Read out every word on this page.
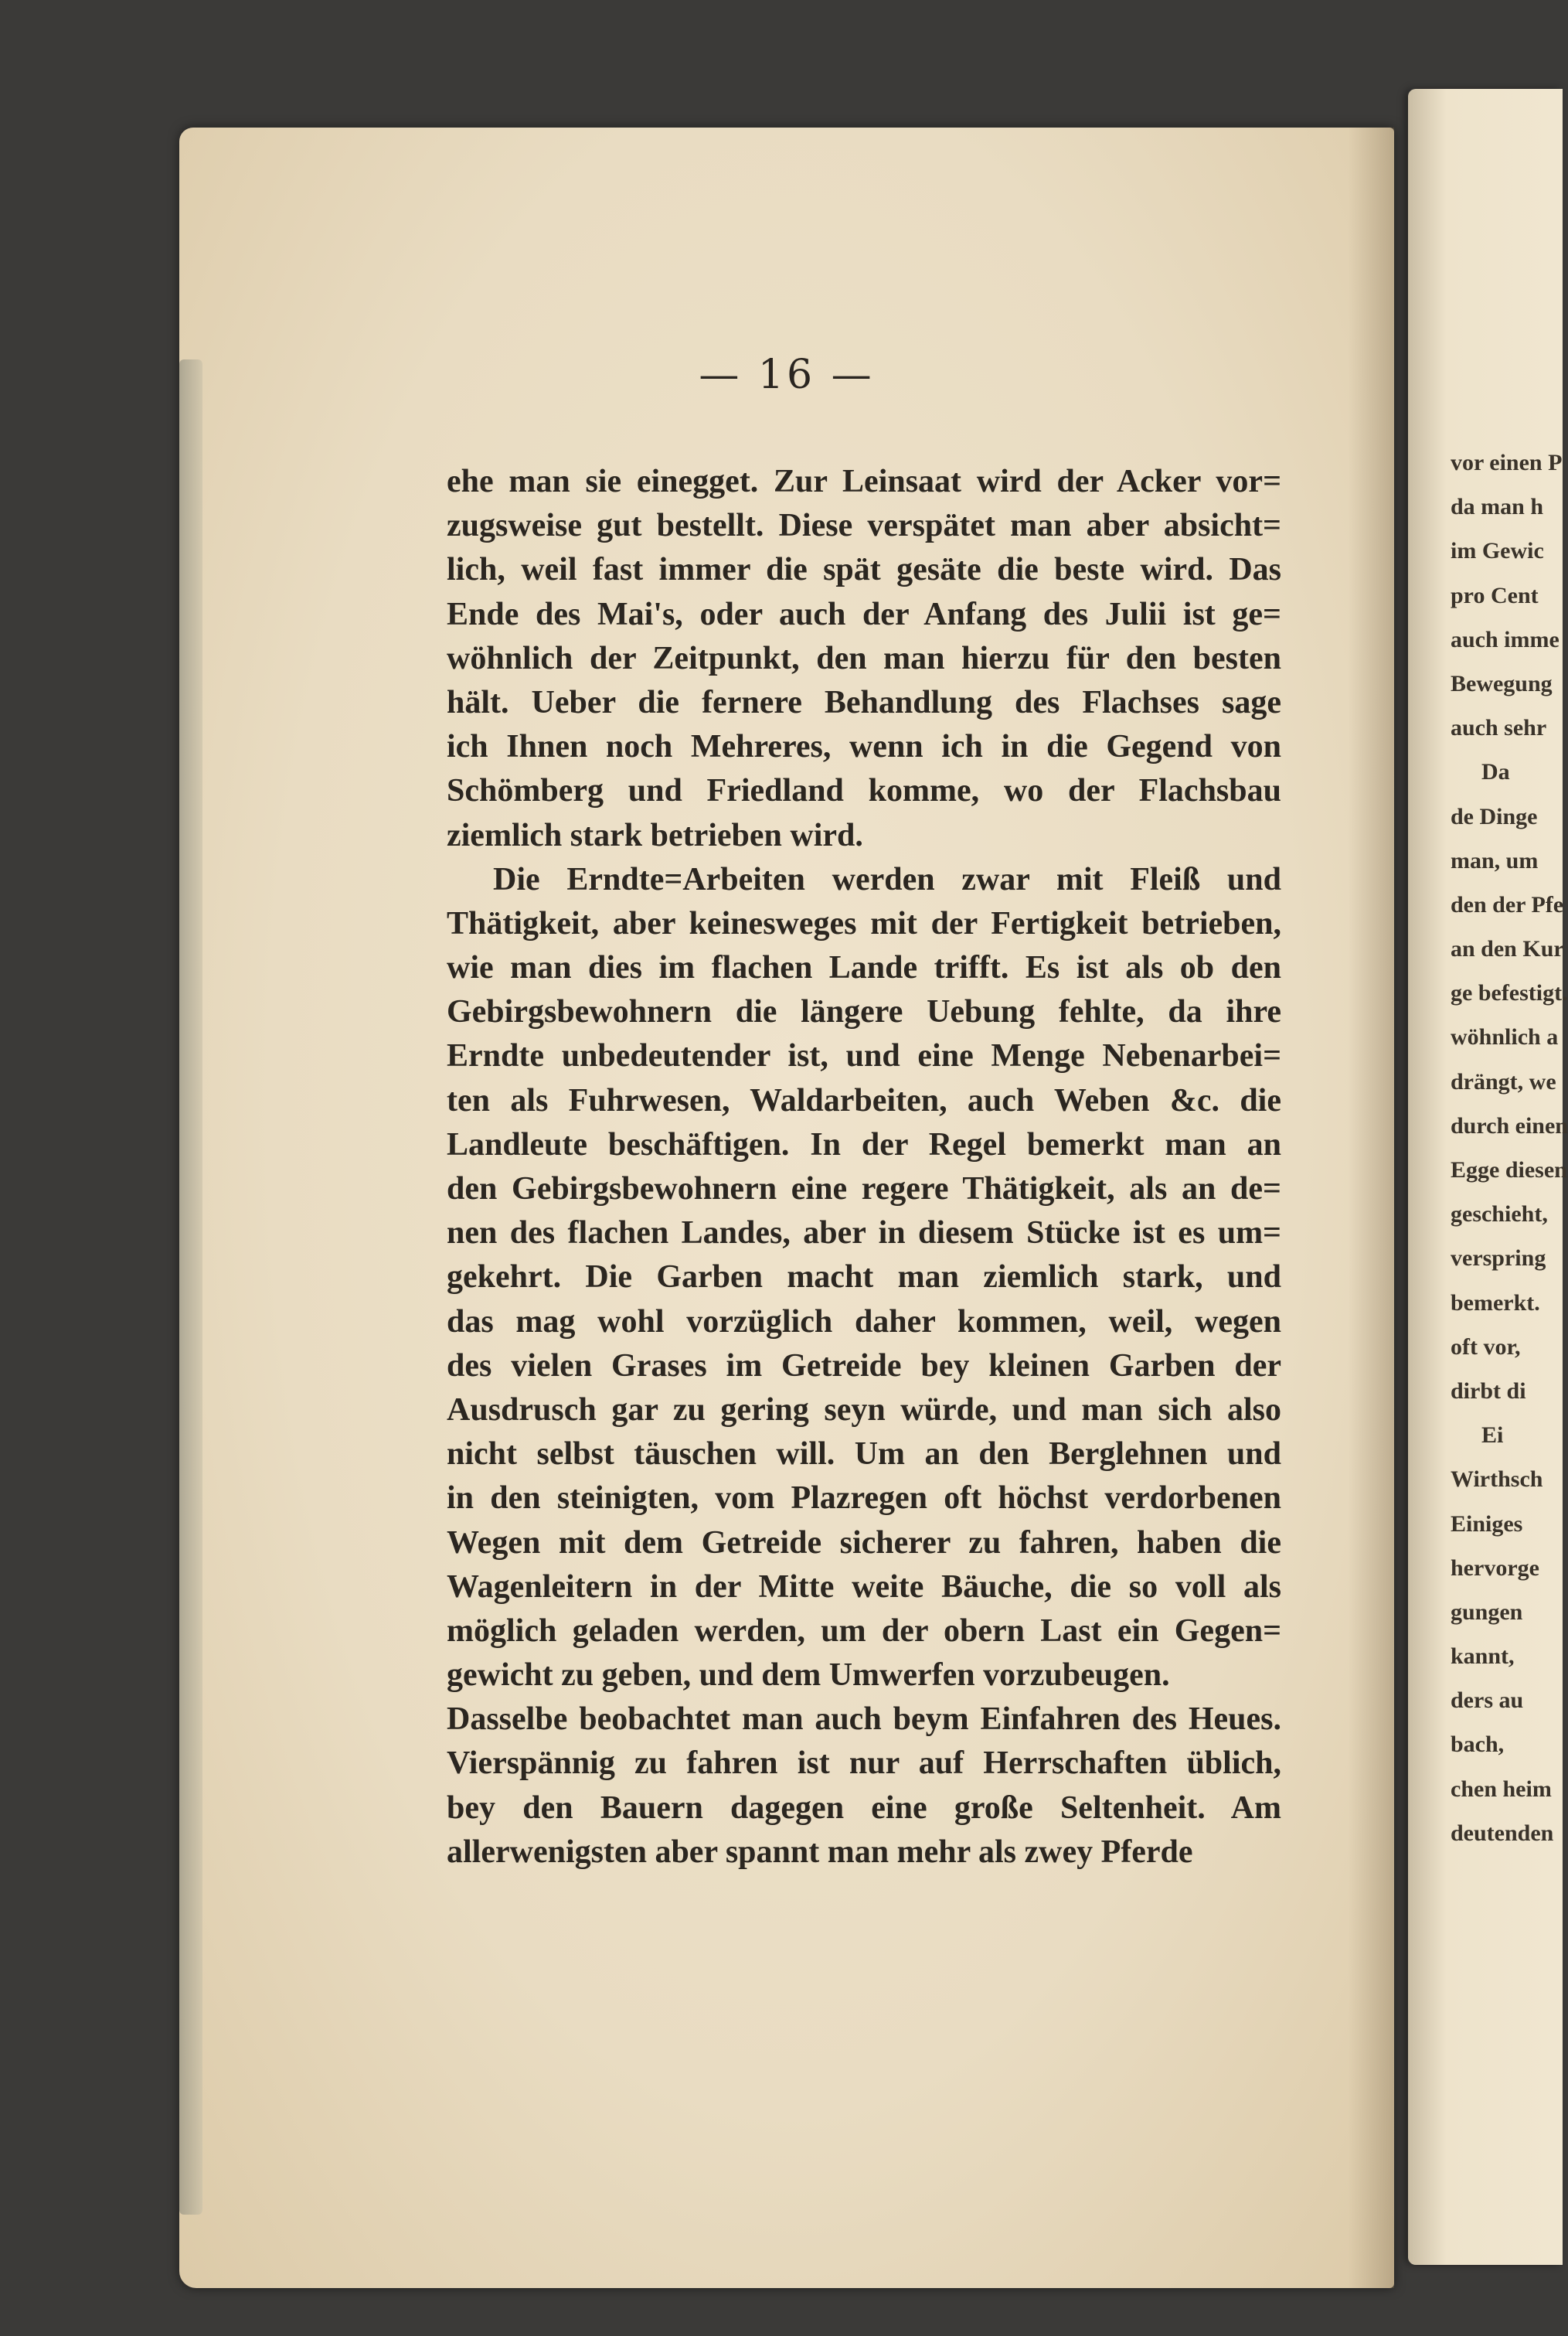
— 16 —
ehe man sie einegget. Zur Leinsaat wird der Acker vor=
zugsweise gut bestellt. Diese verspätet man aber absicht=
lich, weil fast immer die spät gesäte die beste wird. Das
Ende des Mai's, oder auch der Anfang des Julii ist ge=
wöhnlich der Zeitpunkt, den man hierzu für den besten
hält. Ueber die fernere Behandlung des Flachses sage
ich Ihnen noch Mehreres, wenn ich in die Gegend von
Schömberg und Friedland komme, wo der Flachsbau
ziemlich stark betrieben wird.
Die Erndte=Arbeiten werden zwar mit Fleiß und
Thätigkeit, aber keinesweges mit der Fertigkeit betrieben,
wie man dies im flachen Lande trifft. Es ist als ob den
Gebirgsbewohnern die längere Uebung fehlte, da ihre
Erndte unbedeutender ist, und eine Menge Nebenarbei=
ten als Fuhrwesen, Waldarbeiten, auch Weben &c. die
Landleute beschäftigen. In der Regel bemerkt man an
den Gebirgsbewohnern eine regere Thätigkeit, als an de=
nen des flachen Landes, aber in diesem Stücke ist es um=
gekehrt. Die Garben macht man ziemlich stark, und
das mag wohl vorzüglich daher kommen, weil, wegen
des vielen Grases im Getreide bey kleinen Garben der
Ausdrusch gar zu gering seyn würde, und man sich also
nicht selbst täuschen will. Um an den Berglehnen und
in den steinigten, vom Plazregen oft höchst verdorbenen
Wegen mit dem Getreide sicherer zu fahren, haben die
Wagenleitern in der Mitte weite Bäuche, die so voll als
möglich geladen werden, um der obern Last ein Gegen=
gewicht zu geben, und dem Umwerfen vorzubeugen.
Dasselbe beobachtet man auch beym Einfahren des Heues.
Vierspännig zu fahren ist nur auf Herrschaften üblich,
bey den Bauern dagegen eine große Seltenheit. Am
allerwenigsten aber spannt man mehr als zwey Pferde
vor einen P
da man h
im Gewic
pro Cent
auch imme
Bewegung
auch sehr
Da
de Dinge
man, um
den der Pfe
an den Kur
ge befestigt.
wöhnlich a
drängt, we
durch einen
Egge diesen
geschieht,
verspring
bemerkt.
oft vor,
dirbt di
Ei
Wirthsch
Einiges
hervorge
gungen
kannt,
ders au
bach,
chen heim
deutenden
